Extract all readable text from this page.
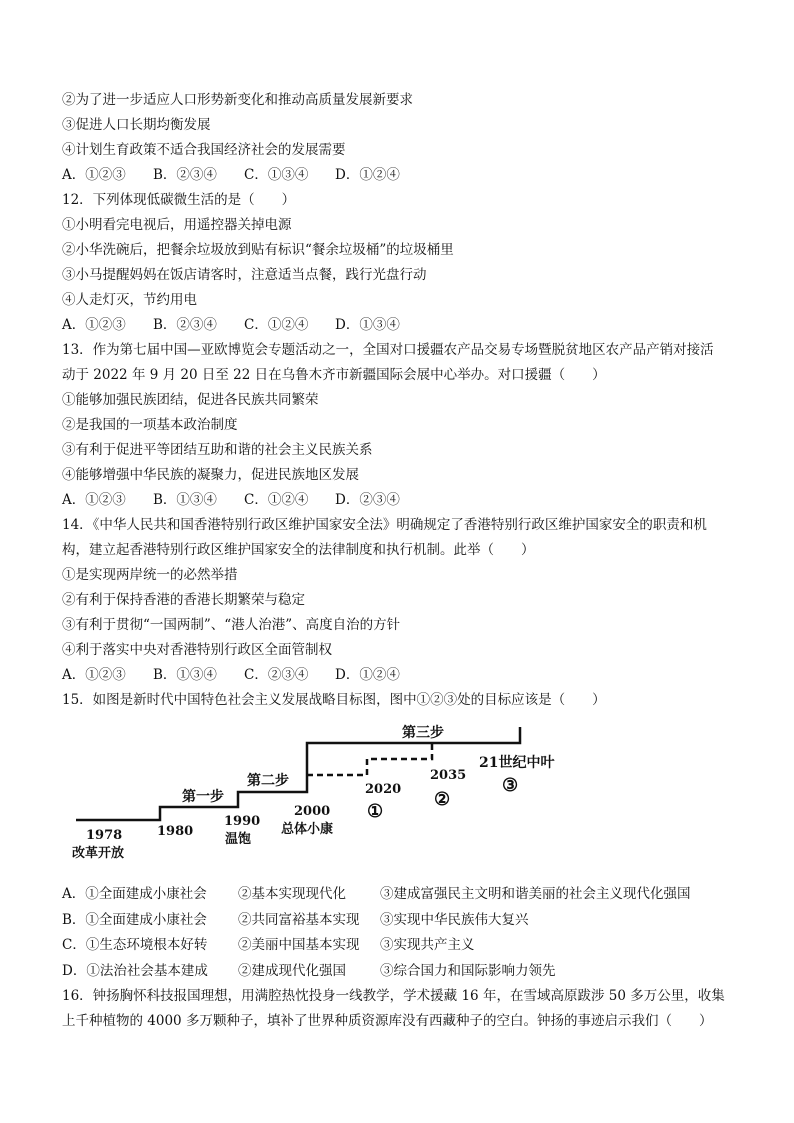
②为了进一步适应人口形势新变化和推动高质量发展新要求
③促进人口长期均衡发展
④计划生育政策不适合我国经济社会的发展需要
A．①②③	B．②③④	C．①③④	D．①②④
12．下列体现低碳微生活的是（　　）
①小明看完电视后，用遥控器关掉电源
②小华洗碗后，把餐余垃圾放到贴有标识“餐余垃圾桶”的垃圾桶里
③小马提醒妈妈在饭店请客时，注意适当点餐，践行光盘行动
④人走灯灭，节约用电
A．①②③	B．②③④	C．①②④	D．①③④
13．作为第七届中国—亚欧博览会专题活动之一，全国对口援疆农产品交易专场暨脱贫地区农产品产销对接活
动于 2022 年 9 月 20 日至 22 日在乌鲁木齐市新疆国际会展中心举办。对口援疆（　　）
①能够加强民族团结，促进各民族共同繁荣
②是我国的一项基本政治制度
③有利于促进平等团结互助和谐的社会主义民族关系
④能够增强中华民族的凝聚力，促进民族地区发展
A．①②③	B．①③④	C．①②④	D．②③④
14．《中华人民共和国香港特别行政区维护国家安全法》明确规定了香港特别行政区维护国家安全的职责和机
构，建立起香港特别行政区维护国家安全的法律制度和执行机制。此举（　　）
①是实现两岸统一的必然举措
②有利于保持香港的香港长期繁荣与稳定
③有利于贯彻“一国两制”、“港人治港”、高度自治的方针
④利于落实中央对香港特别行政区全面管制权
A．①②③	B．①③④	C．②③④	D．①②④
15．如图是新时代中国特色社会主义发展战略目标图，图中①②③处的目标应该是（　　）
第三步
第二步
第一步
1978
改革开放
1980
1990
温饱
2000
总体小康
2020
①
2035
②
21世纪中叶
③
A．①全面建成小康社会	②基本实现现代化	③建成富强民主文明和谐美丽的社会主义现代化强国
B．①全面建成小康社会	②共同富裕基本实现	③实现中华民族伟大复兴
C．①生态环境根本好转	②美丽中国基本实现	③实现共产主义
D．①法治社会基本建成	②建成现代化强国	③综合国力和国际影响力领先
16．钟扬胸怀科技报国理想，用满腔热忱投身一线教学，学术援藏 16 年，在雪域高原跋涉 50 多万公里，收集
上千种植物的 4000 多万颗种子，填补了世界种质资源库没有西藏种子的空白。钟扬的事迹启示我们（　　）
